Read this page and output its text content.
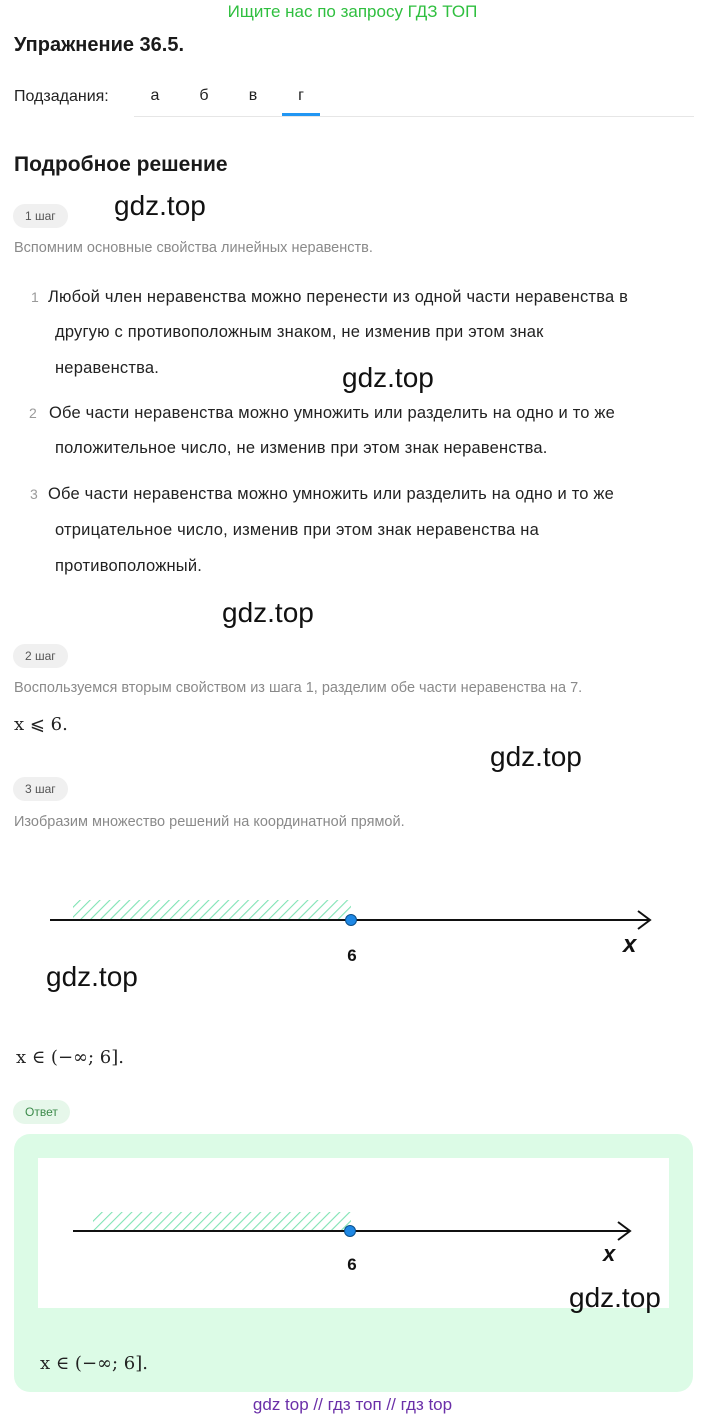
Ищите нас по запросу ГДЗ ТОП
Упражнение 36.5.
Подзадания:	а	б	в	г
Подробное решение
1 шаг	gdz.top
Вспомним основные свойства линейных неравенств.
1 Любой член неравенства можно перенести из одной части неравенства в
другую с противоположным знаком, не изменив при этом знак
неравенства.	gdz.top
2 Обе части неравенства можно умножить или разделить на одно и то же
положительное число, не изменив при этом знак неравенства.
3 Обе части неравенства можно умножить или разделить на одно и то же
отрицательное число, изменив при этом знак неравенства на
противоположный.
gdz.top
2 шаг
Воспользуемся вторым свойством из шага 1, разделим обе части неравенства на 7.
x ⩽ 6.
gdz.top
3 шаг
Изобразим множество решений на координатной прямой.
6	x
gdz.top
x ∈ (−∞; 6].
Ответ
6	x
gdz.top
x ∈ (−∞; 6].
gdz top // гдз топ // гдз top
